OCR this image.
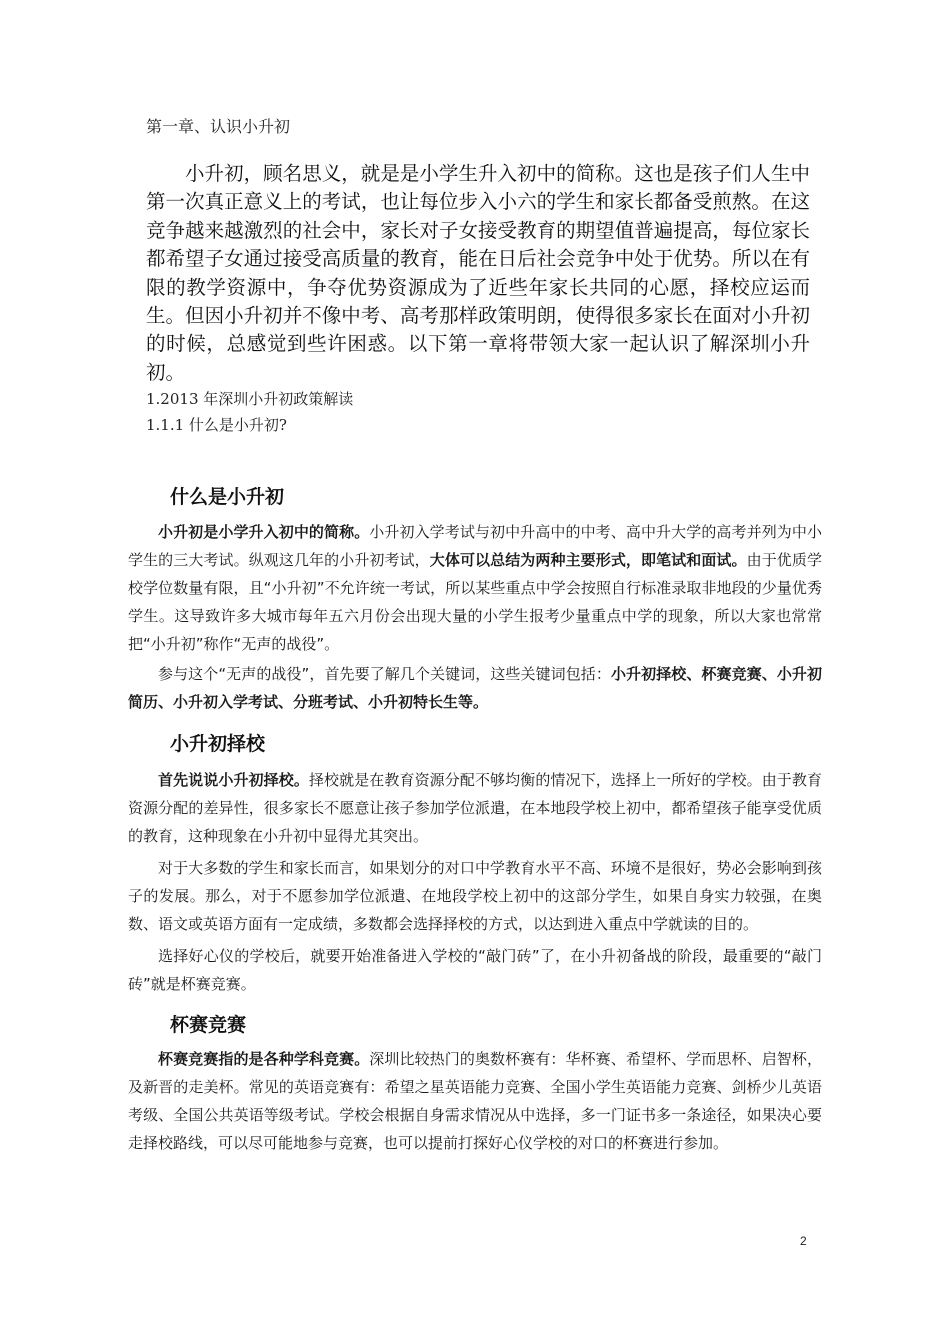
第一章、认识小升初

小升初，顾名思义，就是是小学生升入初中的简称。这也是孩子们人生中第一次真正意义上的考试，也让每位步入小六的学生和家长都备受煎熬。在这竞争越来越激烈的社会中，家长对子女接受教育的期望值普遍提高，每位家长都希望子女通过接受高质量的教育，能在日后社会竞争中处于优势。所以在有限的教学资源中，争夺优势资源成为了近些年家长共同的心愿，择校应运而生。但因小升初并不像中考、高考那样政策明朗，使得很多家长在面对小升初的时候，总感觉到些许困惑。以下第一章将带领大家一起认识了解深圳小升初。

1.2013 年深圳小升初政策解读
1.1.1 什么是小升初?
什么是小升初

小升初是小学升入初中的简称。小升初入学考试与初中升高中的中考、高中升大学的高考并列为中小学生的三大考试。纵观这几年的小升初考试，大体可以总结为两种主要形式，即笔试和面试。由于优质学校学位数量有限，且“小升初”不允许统一考试，所以某些重点中学会按照自行标准录取非地段的少量优秀学生。这导致许多大城市每年五六月份会出现大量的小学生报考少量重点中学的现象，所以大家也常常把“小升初”称作“无声的战役”。

参与这个“无声的战役”，首先要了解几个关键词，这些关键词包括：小升初择校、杯赛竞赛、小升初简历、小升初入学考试、分班考试、小升初特长生等。

小升初择校

首先说说小升初择校。择校就是在教育资源分配不够均衡的情况下，选择上一所好的学校。由于教育资源分配的差异性，很多家长不愿意让孩子参加学位派遣，在本地段学校上初中，都希望孩子能享受优质的教育，这种现象在小升初中显得尤其突出。

对于大多数的学生和家长而言，如果划分的对口中学教育水平不高、环境不是很好，势必会影响到孩子的发展。那么，对于不愿参加学位派遣、在地段学校上初中的这部分学生，如果自身实力较强，在奥数、语文或英语方面有一定成绩，多数都会选择择校的方式，以达到进入重点中学就读的目的。

选择好心仪的学校后，就要开始准备进入学校的“敲门砖”了，在小升初备战的阶段，最重要的“敲门砖”就是杯赛竞赛。

杯赛竞赛

杯赛竞赛指的是各种学科竞赛。深圳比较热门的奥数杯赛有：华杯赛、希望杯、学而思杯、启智杯，及新晋的走美杯。常见的英语竞赛有：希望之星英语能力竞赛、全国小学生英语能力竞赛、剑桥少儿英语考级、全国公共英语等级考试。学校会根据自身需求情况从中选择，多一门证书多一条途径，如果决心要走择校路线，可以尽可能地参与竞赛，也可以提前打探好心仪学校的对口的杯赛进行参加。

2
